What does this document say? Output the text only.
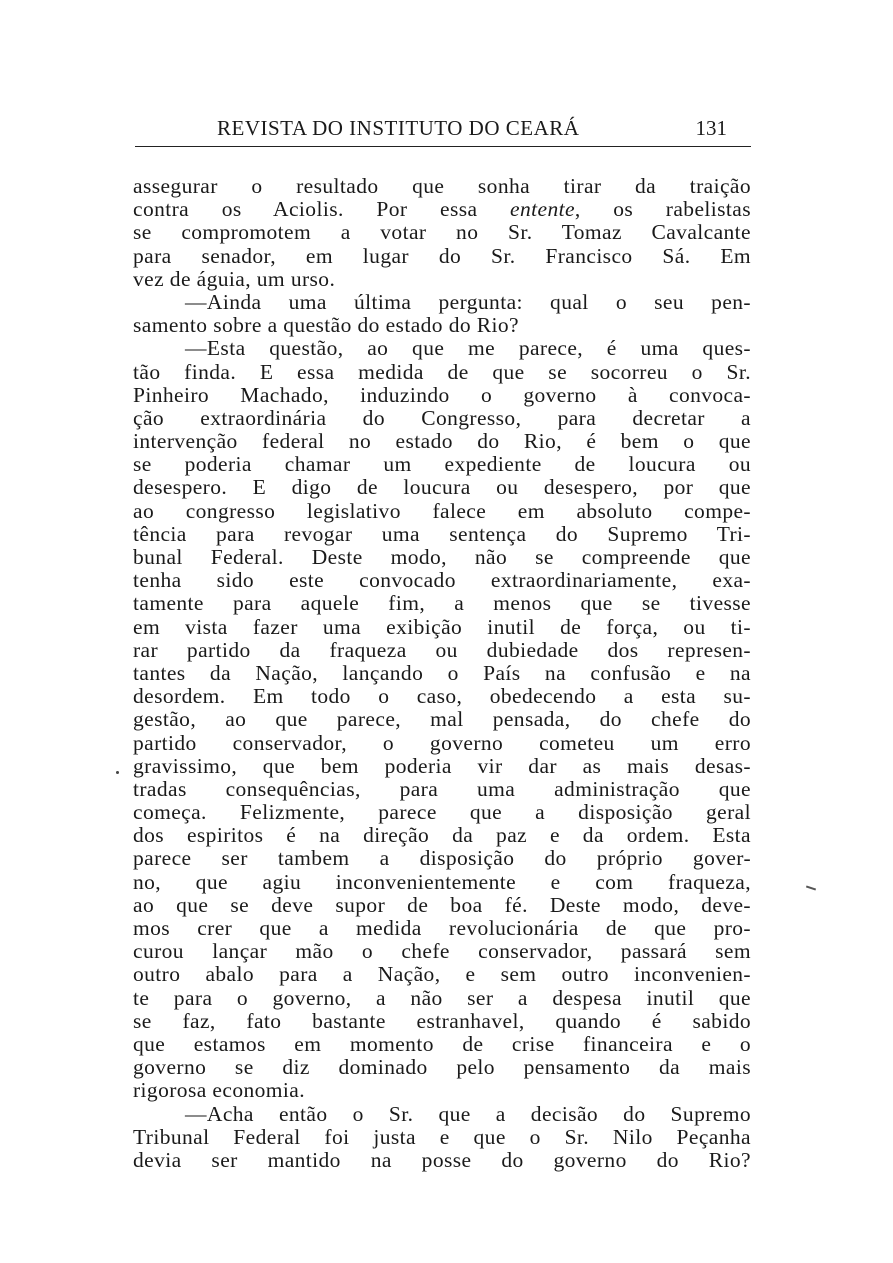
REVISTA DO INSTITUTO DO CEARÁ	131
assegurar o resultado que sonha tirar da traição
contra os Aciolis. Por essa entente, os rabelistas
se compromotem a votar no Sr. Tomaz Cavalcante
para senador, em lugar do Sr. Francisco Sá. Em
vez de águia, um urso.
—Ainda uma última pergunta: qual o seu pen-
samento sobre a questão do estado do Rio?
—Esta questão, ao que me parece, é uma ques-
tão finda. E essa medida de que se socorreu o Sr.
Pinheiro Machado, induzindo o governo à convoca-
ção extraordinária do Congresso, para decretar a
intervenção federal no estado do Rio, é bem o que
se poderia chamar um expediente de loucura ou
desespero. E digo de loucura ou desespero, por que
ao congresso legislativo falece em absoluto compe-
tência para revogar uma sentença do Supremo Tri-
bunal Federal. Deste modo, não se compreende que
tenha sido este convocado extraordinariamente, exa-
tamente para aquele fim, a menos que se tivesse
em vista fazer uma exibição inutil de força, ou ti-
rar partido da fraqueza ou dubiedade dos represen-
tantes da Nação, lançando o País na confusão e na
desordem. Em todo o caso, obedecendo a esta su-
gestão, ao que parece, mal pensada, do chefe do
partido conservador, o governo cometeu um erro
gravissimo, que bem poderia vir dar as mais desas-
tradas consequências, para uma administração que
começa. Felizmente, parece que a disposição geral
dos espiritos é na direção da paz e da ordem. Esta
parece ser tambem a disposição do próprio gover-
no, que agiu inconvenientemente e com fraqueza,
ao que se deve supor de boa fé. Deste modo, deve-
mos crer que a medida revolucionária de que pro-
curou lançar mão o chefe conservador, passará sem
outro abalo para a Nação, e sem outro inconvenien-
te para o governo, a não ser a despesa inutil que
se faz, fato bastante estranhavel, quando é sabido
que estamos em momento de crise financeira e o
governo se diz dominado pelo pensamento da mais
rigorosa economia.
—Acha então o Sr. que a decisão do Supremo
Tribunal Federal foi justa e que o Sr. Nilo Peçanha
devia ser mantido na posse do governo do Rio?
